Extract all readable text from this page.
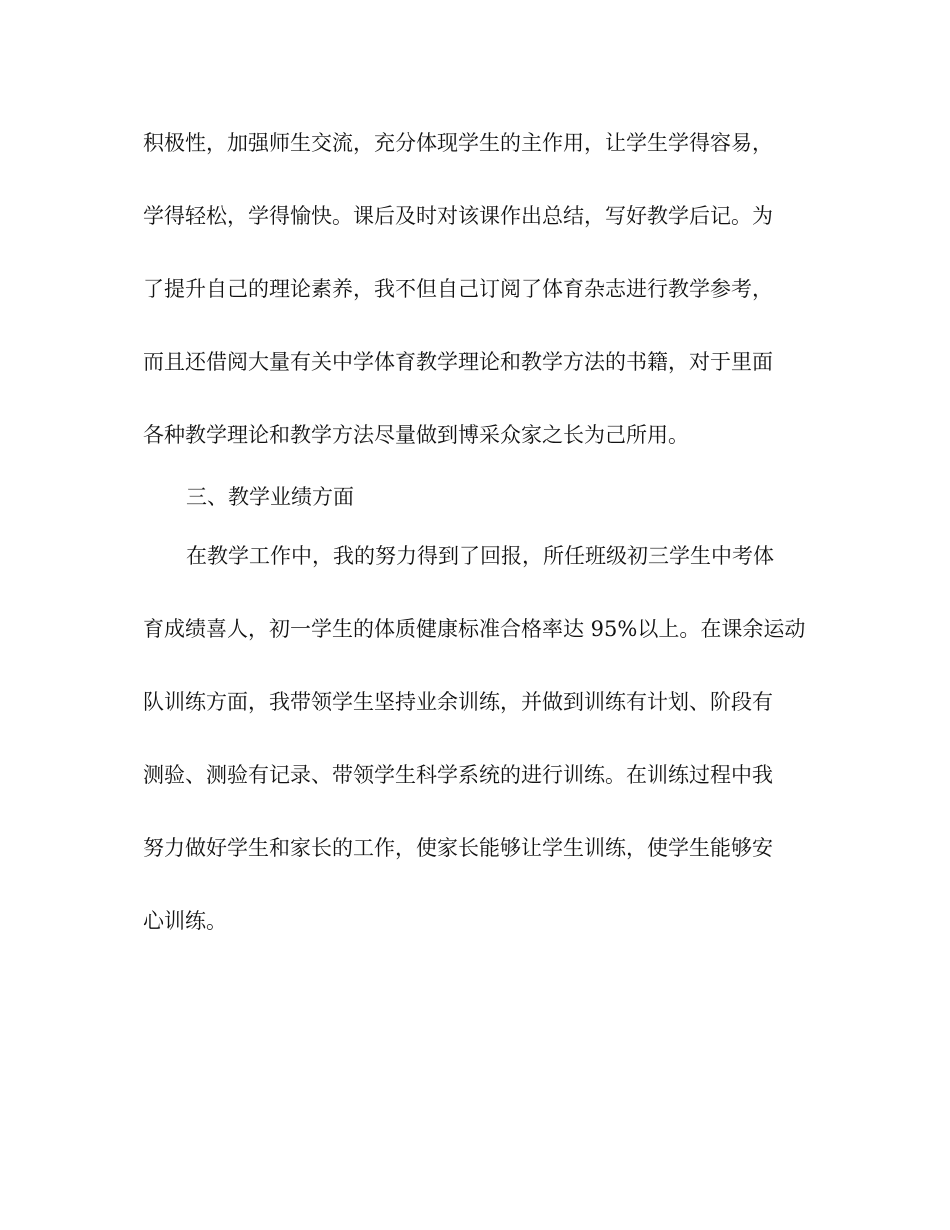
积极性，加强师生交流，充分体现学生的主作用，让学生学得容易，
学得轻松，学得愉快。课后及时对该课作出总结，写好教学后记。为
了提升自己的理论素养，我不但自己订阅了体育杂志进行教学参考，
而且还借阅大量有关中学体育教学理论和教学方法的书籍，对于里面
各种教学理论和教学方法尽量做到博采众家之长为己所用。
三、教学业绩方面
在教学工作中，我的努力得到了回报，所任班级初三学生中考体
育成绩喜人，初一学生的体质健康标准合格率达 95%以上。在课余运动
队训练方面，我带领学生坚持业余训练，并做到训练有计划、阶段有
测验、测验有记录、带领学生科学系统的进行训练。在训练过程中我
努力做好学生和家长的工作，使家长能够让学生训练，使学生能够安
心训练。
